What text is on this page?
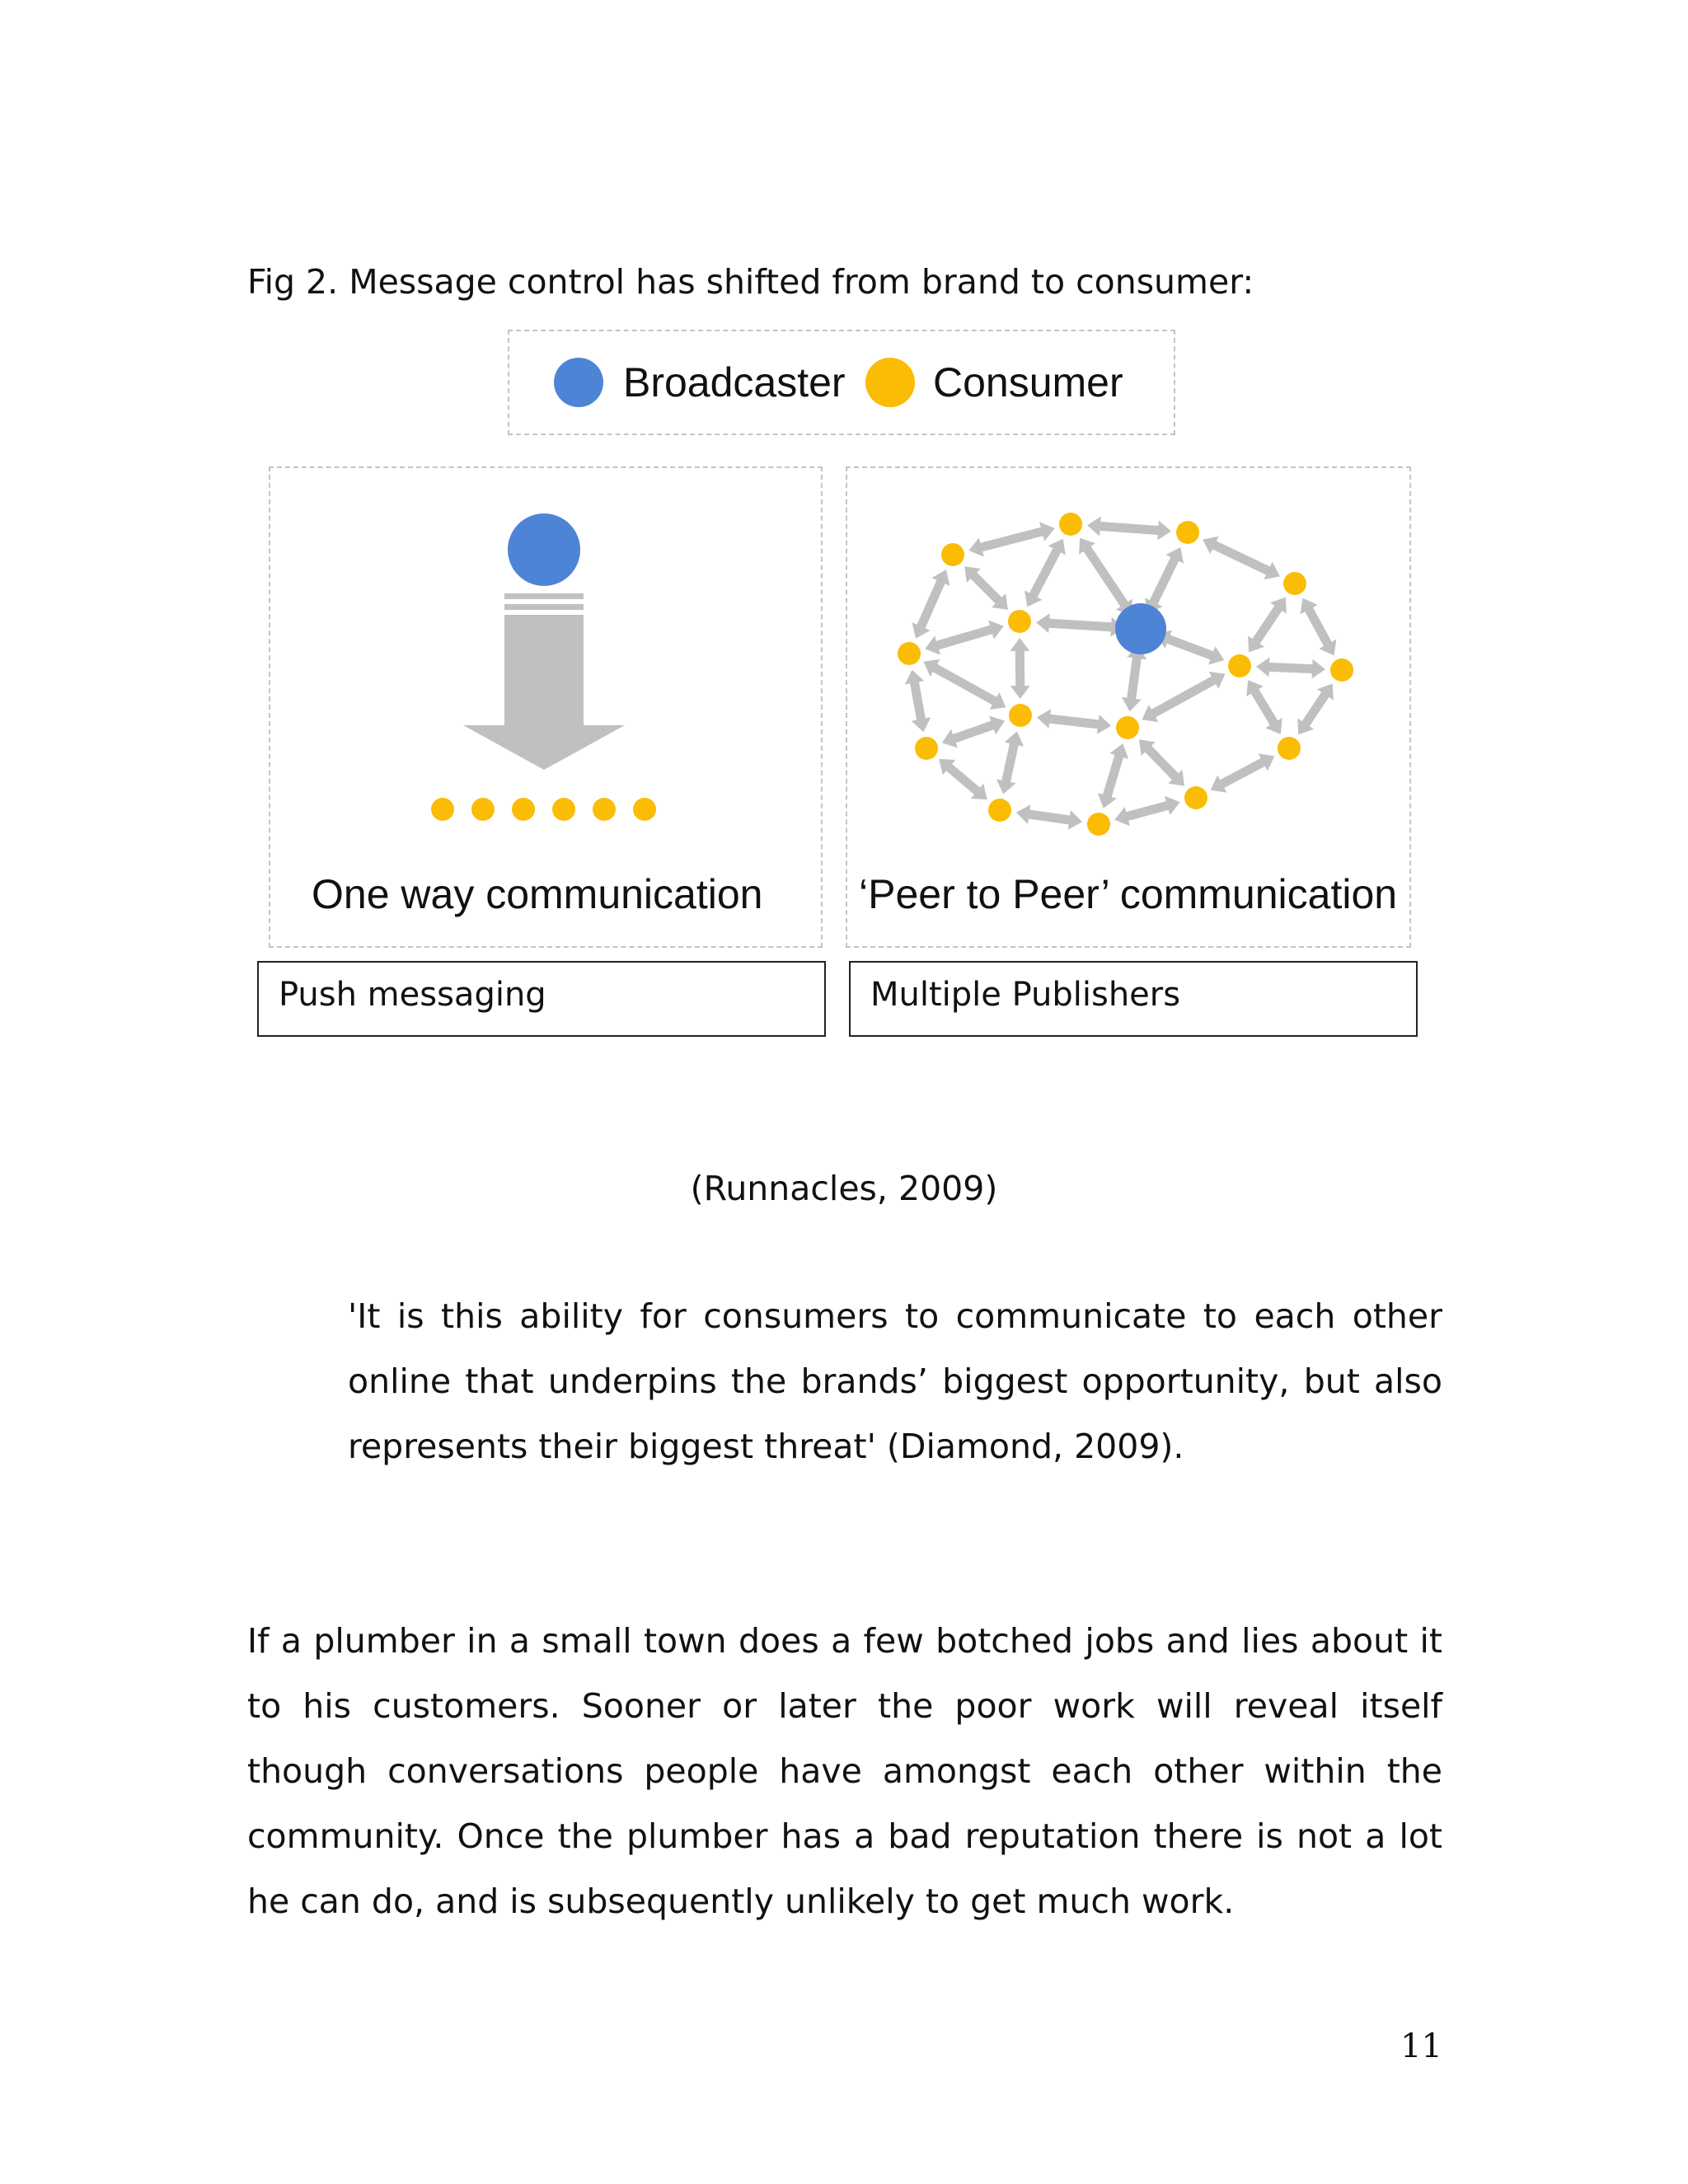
Fig 2. Message control has shifted from brand to consumer:
Broadcaster Consumer
One way communication ‘Peer to Peer’ communication
Push messaging	Multiple Publishers
(Runnacles, 2009)
'It is this ability for consumers to communicate to each other online that underpins the brands’ biggest opportunity, but also represents their biggest threat' (Diamond, 2009).
If a plumber in a small town does a few botched jobs and lies about it to his customers. Sooner or later the poor work will reveal itself though conversations people have amongst each other within the community. Once the plumber has a bad reputation there is not a lot he can do, and is subsequently unlikely to get much work.
11
